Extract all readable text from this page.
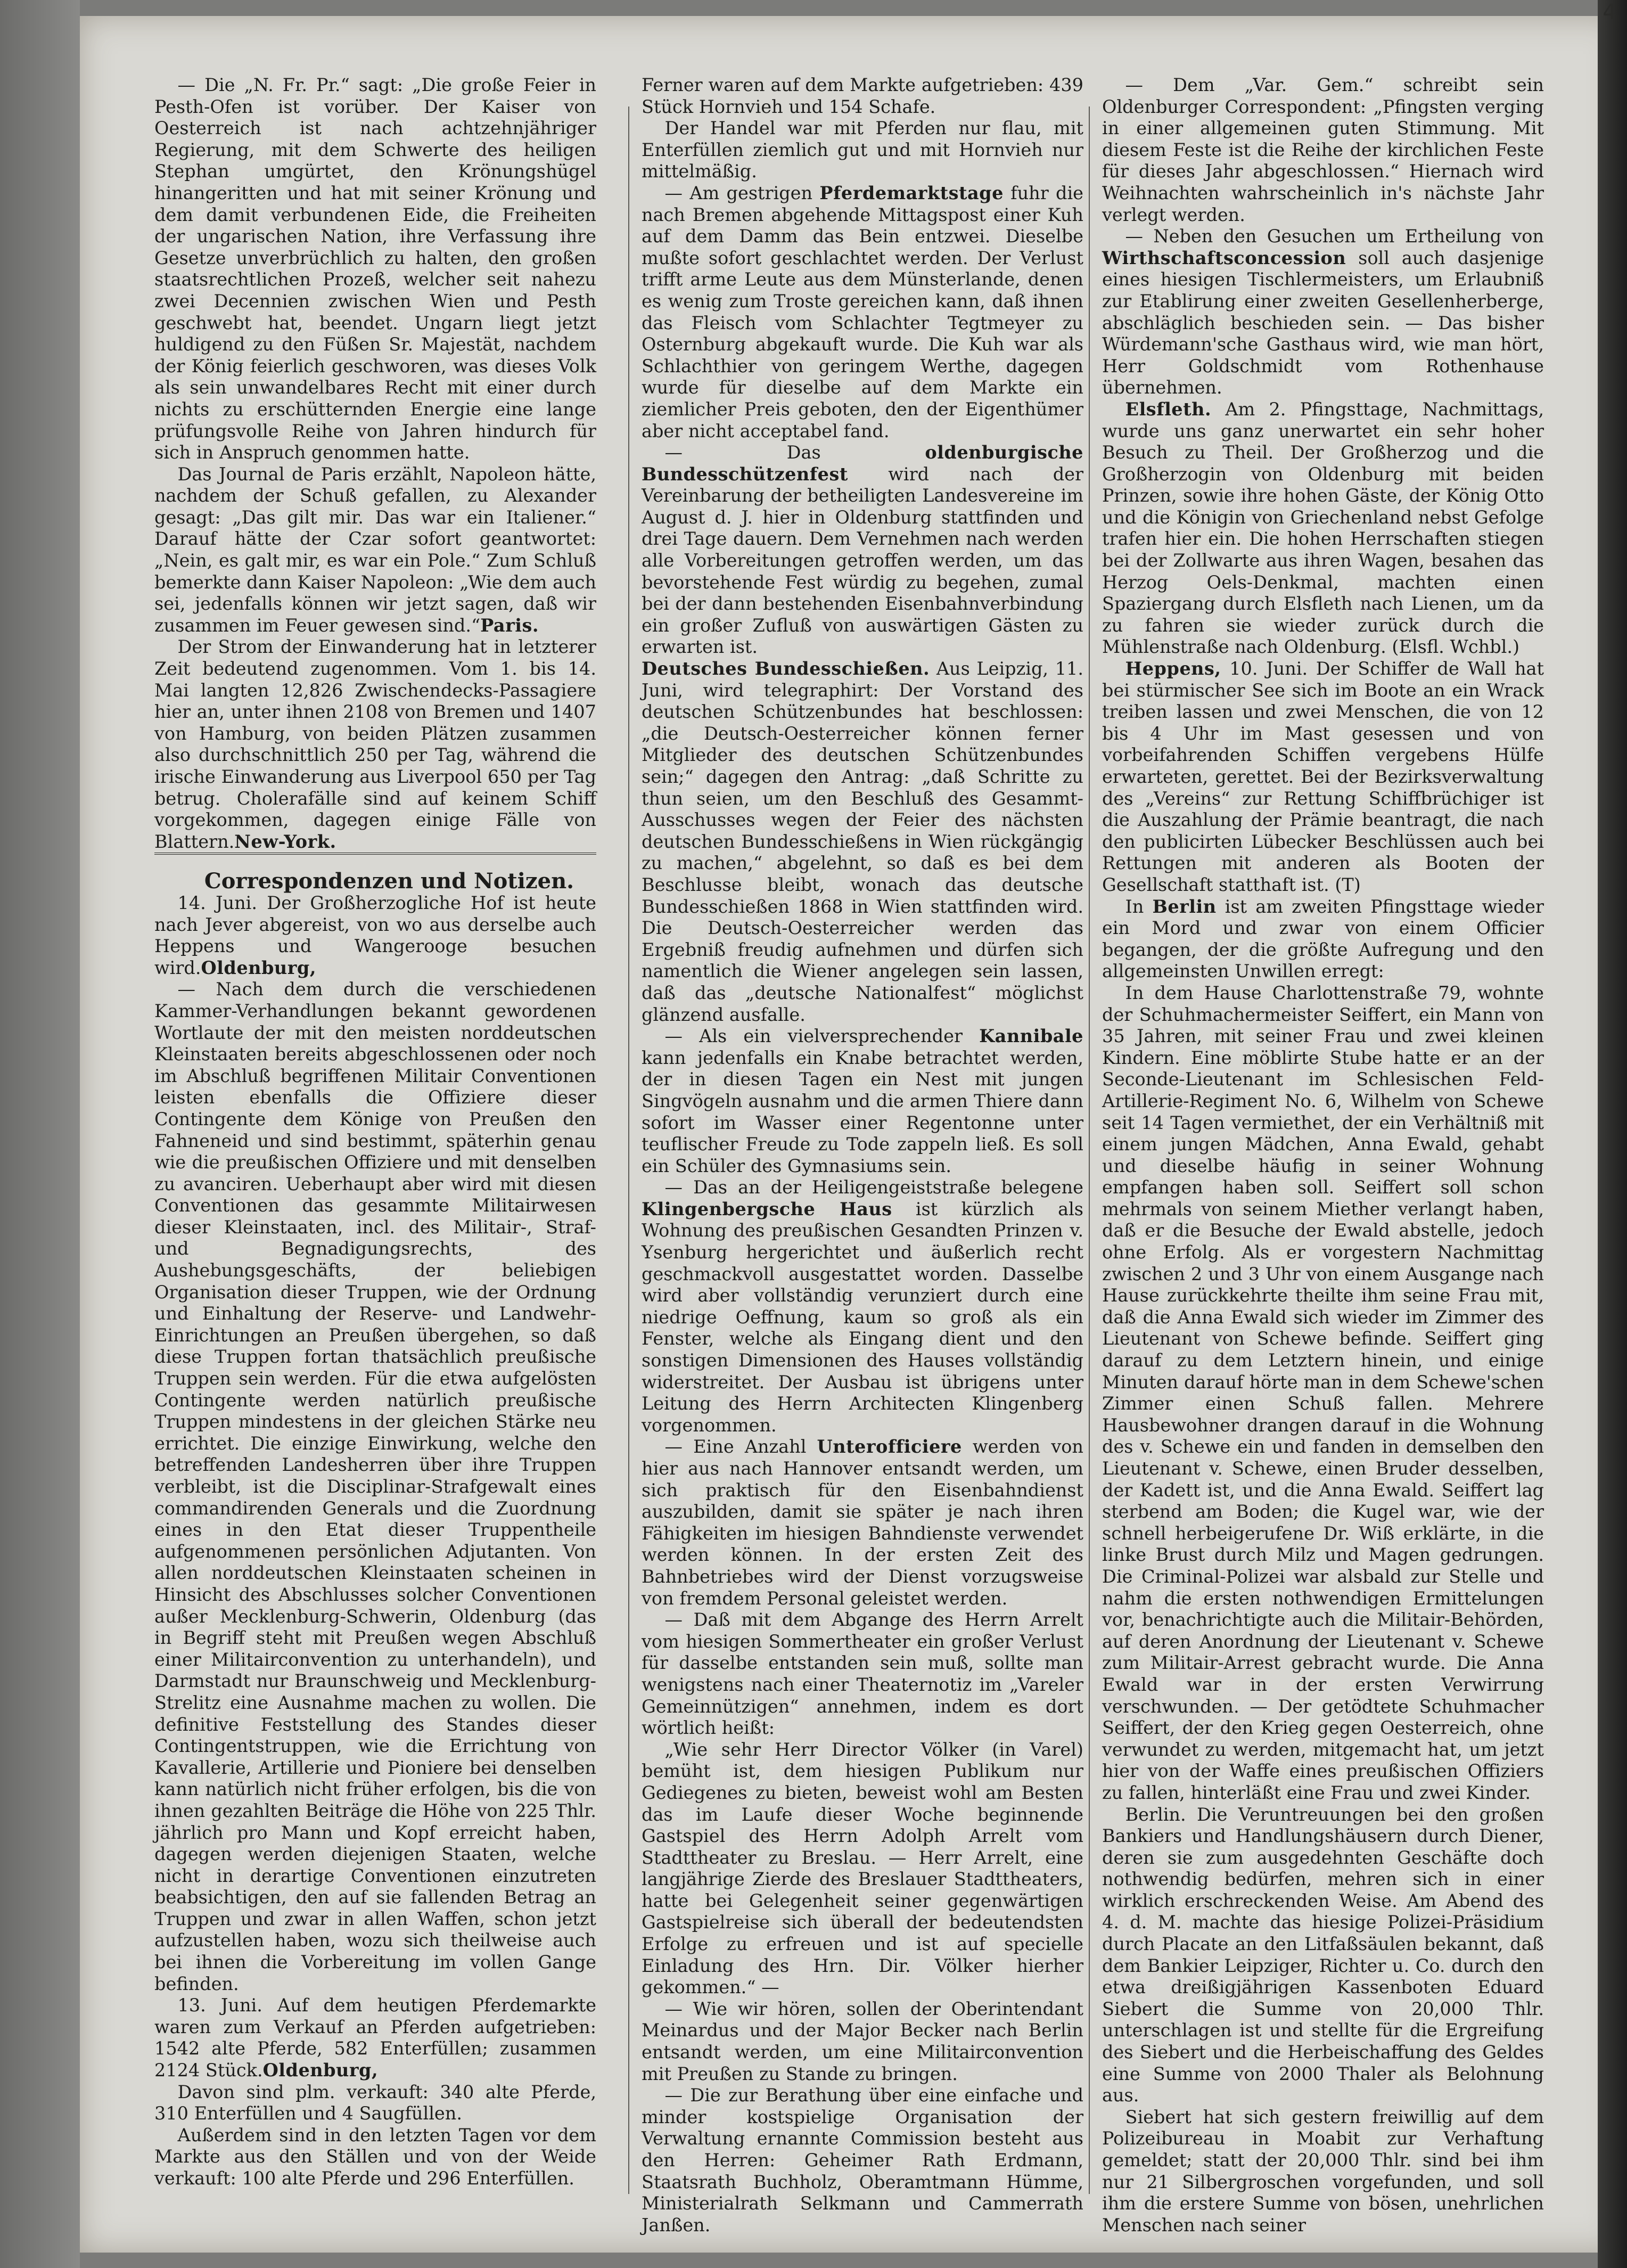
4

— Die „N. Fr. Pr.“ sagt: „Die große Feier in Pesth-Ofen ist vorüber. Der Kaiser von Oesterreich ist nach achtzehnjähriger Regierung, mit dem Schwerte des heiligen Stephan umgürtet, den Krönungshügel hinangeritten und hat mit seiner Krönung und dem damit verbundenen Eide, die Freiheiten der ungarischen Nation, ihre Verfassung ihre Gesetze unverbrüchlich zu halten, den großen staatsrechtlichen Prozeß, welcher seit nahezu zwei Decennien zwischen Wien und Pesth geschwebt hat, beendet. Ungarn liegt jetzt huldigend zu den Füßen Sr. Majestät, nachdem der König feierlich geschworen, was dieses Volk als sein unwandelbares Recht mit einer durch nichts zu erschütternden Energie eine lange prüfungsvolle Reihe von Jahren hindurch für sich in Anspruch genommen hatte.

Das Journal de Paris erzählt, Napoleon hätte, nachdem der Schuß gefallen, zu Alexander gesagt: „Das gilt mir. Das war ein Italiener.“ Darauf hätte der Czar sofort geantwortet: „Nein, es galt mir, es war ein Pole.“ Zum Schluß bemerkte dann Kaiser Napoleon: „Wie dem auch sei, jedenfalls können wir jetzt sagen, daß wir zusammen im Feuer gewesen sind.“Paris.

Der Strom der Einwanderung hat in letzterer Zeit bedeutend zugenommen. Vom 1. bis 14. Mai langten 12,826 Zwischendecks-Passagiere hier an, unter ihnen 2108 von Bremen und 1407 von Hamburg, von beiden Plätzen zusammen also durchschnittlich 250 per Tag, während die irische Einwanderung aus Liverpool 650 per Tag betrug. Cholerafälle sind auf keinem Schiff vorgekommen, dagegen einige Fälle von Blattern.New-York.

Correspondenzen und Notizen.

14. Juni. Der Großherzogliche Hof ist heute nach Jever abgereist, von wo aus derselbe auch Heppens und Wangerooge besuchen wird.Oldenburg,

— Nach dem durch die verschiedenen Kammer-Verhandlungen bekannt gewordenen Wortlaute der mit den meisten norddeutschen Kleinstaaten bereits abgeschlossenen oder noch im Abschluß begriffenen Militair Conventionen leisten ebenfalls die Offiziere dieser Contingente dem Könige von Preußen den Fahneneid und sind bestimmt, späterhin genau wie die preußischen Offiziere und mit denselben zu avanciren. Ueberhaupt aber wird mit diesen Conventionen das gesammte Militairwesen dieser Kleinstaaten, incl. des Militair-, Straf- und Begnadigungsrechts, des Aushebungsgeschäfts, der beliebigen Organisation dieser Truppen, wie der Ordnung und Einhaltung der Reserve- und Landwehr-Einrichtungen an Preußen übergehen, so daß diese Truppen fortan thatsächlich preußische Truppen sein werden. Für die etwa aufgelösten Contingente werden natürlich preußische Truppen mindestens in der gleichen Stärke neu errichtet. Die einzige Einwirkung, welche den betreffenden Landesherren über ihre Truppen verbleibt, ist die Disciplinar-Strafgewalt eines commandirenden Generals und die Zuordnung eines in den Etat dieser Truppentheile aufgenommenen persönlichen Adjutanten. Von allen norddeutschen Kleinstaaten scheinen in Hinsicht des Abschlusses solcher Conventionen außer Mecklenburg-Schwerin, Oldenburg (das in Begriff steht mit Preußen wegen Abschluß einer Militairconvention zu unterhandeln), und Darmstadt nur Braunschweig und Mecklenburg-Strelitz eine Ausnahme machen zu wollen. Die definitive Feststellung des Standes dieser Contingentstruppen, wie die Errichtung von Kavallerie, Artillerie und Pioniere bei denselben kann natürlich nicht früher erfolgen, bis die von ihnen gezahlten Beiträge die Höhe von 225 Thlr. jährlich pro Mann und Kopf erreicht haben, dagegen werden diejenigen Staaten, welche nicht in derartige Conventionen einzutreten beabsichtigen, den auf sie fallenden Betrag an Truppen und zwar in allen Waffen, schon jetzt aufzustellen haben, wozu sich theilweise auch bei ihnen die Vorbereitung im vollen Gange befinden.

13. Juni. Auf dem heutigen Pferdemarkte waren zum Verkauf an Pferden aufgetrieben: 1542 alte Pferde, 582 Enterfüllen; zusammen 2124 Stück.Oldenburg,

Davon sind plm. verkauft: 340 alte Pferde, 310 Enterfüllen und 4 Saugfüllen.

Außerdem sind in den letzten Tagen vor dem Markte aus den Ställen und von der Weide verkauft: 100 alte Pferde und 296 Enterfüllen.

Ferner waren auf dem Markte aufgetrieben: 439 Stück Hornvieh und 154 Schafe.

Der Handel war mit Pferden nur flau, mit Enterfüllen ziemlich gut und mit Hornvieh nur mittelmäßig.

— Am gestrigen Pferdemarktstage fuhr die nach Bremen abgehende Mittagspost einer Kuh auf dem Damm das Bein entzwei. Dieselbe mußte sofort geschlachtet werden. Der Verlust trifft arme Leute aus dem Münsterlande, denen es wenig zum Troste gereichen kann, daß ihnen das Fleisch vom Schlachter Tegtmeyer zu Osternburg abgekauft wurde. Die Kuh war als Schlachthier von geringem Werthe, dagegen wurde für dieselbe auf dem Markte ein ziemlicher Preis geboten, den der Eigenthümer aber nicht acceptabel fand.

— Das oldenburgische Bundesschützenfest wird nach der Vereinbarung der betheiligten Landesvereine im August d. J. hier in Oldenburg stattfinden und drei Tage dauern. Dem Vernehmen nach werden alle Vorbereitungen getroffen werden, um das bevorstehende Fest würdig zu begehen, zumal bei der dann bestehenden Eisenbahnverbindung ein großer Zufluß von auswärtigen Gästen zu erwarten ist.

Deutsches Bundesschießen. Aus Leipzig, 11. Juni, wird telegraphirt: Der Vorstand des deutschen Schützenbundes hat beschlossen: „die Deutsch-Oesterreicher können ferner Mitglieder des deutschen Schützenbundes sein;“ dagegen den Antrag: „daß Schritte zu thun seien, um den Beschluß des Gesammt-Ausschusses wegen der Feier des nächsten deutschen Bundesschießens in Wien rückgängig zu machen,“ abgelehnt, so daß es bei dem Beschlusse bleibt, wonach das deutsche Bundesschießen 1868 in Wien stattfinden wird. Die Deutsch-Oesterreicher werden das Ergebniß freudig aufnehmen und dürfen sich namentlich die Wiener angelegen sein lassen, daß das „deutsche Nationalfest“ möglichst glänzend ausfalle.

— Als ein vielversprechender Kannibale kann jedenfalls ein Knabe betrachtet werden, der in diesen Tagen ein Nest mit jungen Singvögeln ausnahm und die armen Thiere dann sofort im Wasser einer Regentonne unter teuflischer Freude zu Tode zappeln ließ. Es soll ein Schüler des Gymnasiums sein.

— Das an der Heiligengeiststraße belegene Klingenbergsche Haus ist kürzlich als Wohnung des preußischen Gesandten Prinzen v. Ysenburg hergerichtet und äußerlich recht geschmackvoll ausgestattet worden. Dasselbe wird aber vollständig verunziert durch eine niedrige Oeffnung, kaum so groß als ein Fenster, welche als Eingang dient und den sonstigen Dimensionen des Hauses vollständig widerstreitet. Der Ausbau ist übrigens unter Leitung des Herrn Architecten Klingenberg vorgenommen.

— Eine Anzahl Unterofficiere werden von hier aus nach Hannover entsandt werden, um sich praktisch für den Eisenbahndienst auszubilden, damit sie später je nach ihren Fähigkeiten im hiesigen Bahndienste verwendet werden können. In der ersten Zeit des Bahnbetriebes wird der Dienst vorzugsweise von fremdem Personal geleistet werden.

— Daß mit dem Abgange des Herrn Arrelt vom hiesigen Sommertheater ein großer Verlust für dasselbe entstanden sein muß, sollte man wenigstens nach einer Theaternotiz im „Vareler Gemeinnützigen“ annehmen, indem es dort wörtlich heißt:

„Wie sehr Herr Director Völker (in Varel) bemüht ist, dem hiesigen Publikum nur Gediegenes zu bieten, beweist wohl am Besten das im Laufe dieser Woche beginnende Gastspiel des Herrn Adolph Arrelt vom Stadttheater zu Breslau. — Herr Arrelt, eine langjährige Zierde des Breslauer Stadttheaters, hatte bei Gelegenheit seiner gegenwärtigen Gastspielreise sich überall der bedeutendsten Erfolge zu erfreuen und ist auf specielle Einladung des Hrn. Dir. Völker hierher gekommen.“ —

— Wie wir hören, sollen der Oberintendant Meinardus und der Major Becker nach Berlin entsandt werden, um eine Militairconvention mit Preußen zu Stande zu bringen.

— Die zur Berathung über eine einfache und minder kostspielige Organisation der Verwaltung ernannte Commission besteht aus den Herren: Geheimer Rath Erdmann, Staatsrath Buchholz, Oberamtmann Hümme, Ministerialrath Selkmann und Cammerrath Janßen.

— Dem „Var. Gem.“ schreibt sein Oldenburger Correspondent: „Pfingsten verging in einer allgemeinen guten Stimmung. Mit diesem Feste ist die Reihe der kirchlichen Feste für dieses Jahr abgeschlossen.“ Hiernach wird Weihnachten wahrscheinlich in's nächste Jahr verlegt werden.

— Neben den Gesuchen um Ertheilung von Wirthschaftsconcession soll auch dasjenige eines hiesigen Tischlermeisters, um Erlaubniß zur Etablirung einer zweiten Gesellenherberge, abschläglich beschieden sein. — Das bisher Würdemann'sche Gasthaus wird, wie man hört, Herr Goldschmidt vom Rothenhause übernehmen.

Elsfleth. Am 2. Pfingsttage, Nachmittags, wurde uns ganz unerwartet ein sehr hoher Besuch zu Theil. Der Großherzog und die Großherzogin von Oldenburg mit beiden Prinzen, sowie ihre hohen Gäste, der König Otto und die Königin von Griechenland nebst Gefolge trafen hier ein. Die hohen Herrschaften stiegen bei der Zollwarte aus ihren Wagen, besahen das Herzog Oels-Denkmal, machten einen Spaziergang durch Elsfleth nach Lienen, um da zu fahren sie wieder zurück durch die Mühlenstraße nach Oldenburg. (Elsfl. Wchbl.)

Heppens, 10. Juni. Der Schiffer de Wall hat bei stürmischer See sich im Boote an ein Wrack treiben lassen und zwei Menschen, die von 12 bis 4 Uhr im Mast gesessen und von vorbeifahrenden Schiffen vergebens Hülfe erwarteten, gerettet. Bei der Bezirksverwaltung des „Vereins“ zur Rettung Schiffbrüchiger ist die Auszahlung der Prämie beantragt, die nach den publicirten Lübecker Beschlüssen auch bei Rettungen mit anderen als Booten der Gesellschaft statthaft ist. (T)

In Berlin ist am zweiten Pfingsttage wieder ein Mord und zwar von einem Officier begangen, der die größte Aufregung und den allgemeinsten Unwillen erregt:

In dem Hause Charlottenstraße 79, wohnte der Schuhmachermeister Seiffert, ein Mann von 35 Jahren, mit seiner Frau und zwei kleinen Kindern. Eine möblirte Stube hatte er an der Seconde-Lieutenant im Schlesischen Feld-Artillerie-Regiment No. 6, Wilhelm von Schewe seit 14 Tagen vermiethet, der ein Verhältniß mit einem jungen Mädchen, Anna Ewald, gehabt und dieselbe häufig in seiner Wohnung empfangen haben soll. Seiffert soll schon mehrmals von seinem Miether verlangt haben, daß er die Besuche der Ewald abstelle, jedoch ohne Erfolg. Als er vorgestern Nachmittag zwischen 2 und 3 Uhr von einem Ausgange nach Hause zurückkehrte theilte ihm seine Frau mit, daß die Anna Ewald sich wieder im Zimmer des Lieutenant von Schewe befinde. Seiffert ging darauf zu dem Letztern hinein, und einige Minuten darauf hörte man in dem Schewe'schen Zimmer einen Schuß fallen. Mehrere Hausbewohner drangen darauf in die Wohnung des v. Schewe ein und fanden in demselben den Lieutenant v. Schewe, einen Bruder desselben, der Kadett ist, und die Anna Ewald. Seiffert lag sterbend am Boden; die Kugel war, wie der schnell herbeigerufene Dr. Wiß erklärte, in die linke Brust durch Milz und Magen gedrungen. Die Criminal-Polizei war alsbald zur Stelle und nahm die ersten nothwendigen Ermittelungen vor, benachrichtigte auch die Militair-Behörden, auf deren Anordnung der Lieutenant v. Schewe zum Militair-Arrest gebracht wurde. Die Anna Ewald war in der ersten Verwirrung verschwunden. — Der getödtete Schuhmacher Seiffert, der den Krieg gegen Oesterreich, ohne verwundet zu werden, mitgemacht hat, um jetzt hier von der Waffe eines preußischen Offiziers zu fallen, hinterläßt eine Frau und zwei Kinder.

Berlin. Die Veruntreuungen bei den großen Bankiers und Handlungshäusern durch Diener, deren sie zum ausgedehnten Geschäfte doch nothwendig bedürfen, mehren sich in einer wirklich erschreckenden Weise. Am Abend des 4. d. M. machte das hiesige Polizei-Präsidium durch Placate an den Litfaßsäulen bekannt, daß dem Bankier Leipziger, Richter u. Co. durch den etwa dreißigjährigen Kassenboten Eduard Siebert die Summe von 20,000 Thlr. unterschlagen ist und stellte für die Ergreifung des Siebert und die Herbeischaffung des Geldes eine Summe von 2000 Thaler als Belohnung aus.

Siebert hat sich gestern freiwillig auf dem Polizeibureau in Moabit zur Verhaftung gemeldet; statt der 20,000 Thlr. sind bei ihm nur 21 Silbergroschen vorgefunden, und soll ihm die erstere Summe von bösen, unehrlichen Menschen nach seiner
